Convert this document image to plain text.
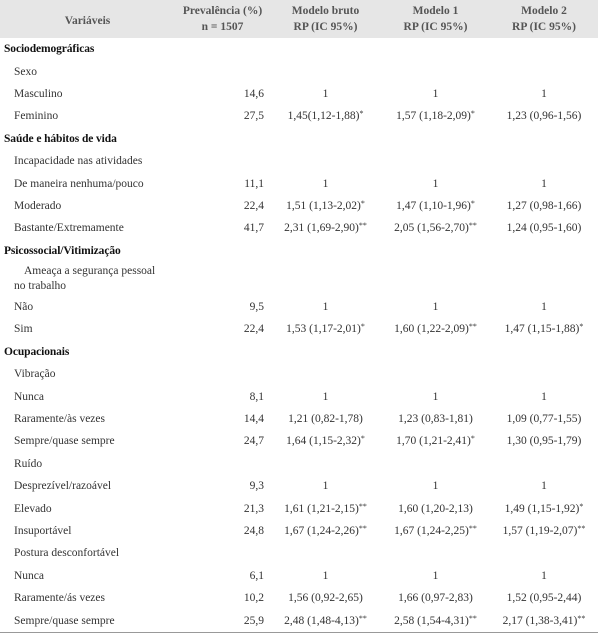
Variáveis	Prevalência (%)	Modelo bruto	Modelo 1	Modelo 2
	n = 1507	RP (IC 95%)	RP (IC 95%)	RP (IC 95%)
Sociodemográficas				
Sexo				
Masculino	14,6	1	1	1
Feminino	27,5	1,45(1,12-1,88)*	1,57 (1,18-2,09)*	1,23 (0,96-1,56)
Saúde e hábitos de vida				
Incapacidade nas atividades				
De maneira nenhuma/pouco	11,1	1	1	1
Moderado	22,4	1,51 (1,13-2,02)*	1,47 (1,10-1,96)*	1,27 (0,98-1,66)
Bastante/Extremamente	41,7	2,31 (1,69-2,90)**	2,05 (1,56-2,70)**	1,24 (0,95-1,60)
Psicossocial/Vitimização				
Ameaça a segurança pessoal
no trabalho				
Não	9,5	1	1	1
Sim	22,4	1,53 (1,17-2,01)*	1,60 (1,22-2,09)**	1,47 (1,15-1,88)*
Ocupacionais				
Vibração				
Nunca	8,1	1	1	1
Raramente/às vezes	14,4	1,21 (0,82-1,78)	1,23 (0,83-1,81)	1,09 (0,77-1,55)
Sempre/quase sempre	24,7	1,64 (1,15-2,32)*	1,70 (1,21-2,41)*	1,30 (0,95-1,79)
Ruído				
Desprezível/razoável	9,3	1	1	1
Elevado	21,3	1,61 (1,21-2,15)**	1,60 (1,20-2,13)	1,49 (1,15-1,92)*
Insuportável	24,8	1,67 (1,24-2,26)**	1,67 (1,24-2,25)**	1,57 (1,19-2,07)**
Postura desconfortável				
Nunca	6,1	1	1	1
Raramente/ás vezes	10,2	1,56 (0,92-2,65)	1,66 (0,97-2,83)	1,52 (0,95-2,44)
Sempre/quase sempre	25,9	2,48 (1,48-4,13)**	2,58 (1,54-4,31)**	2,17 (1,38-3,41)**
